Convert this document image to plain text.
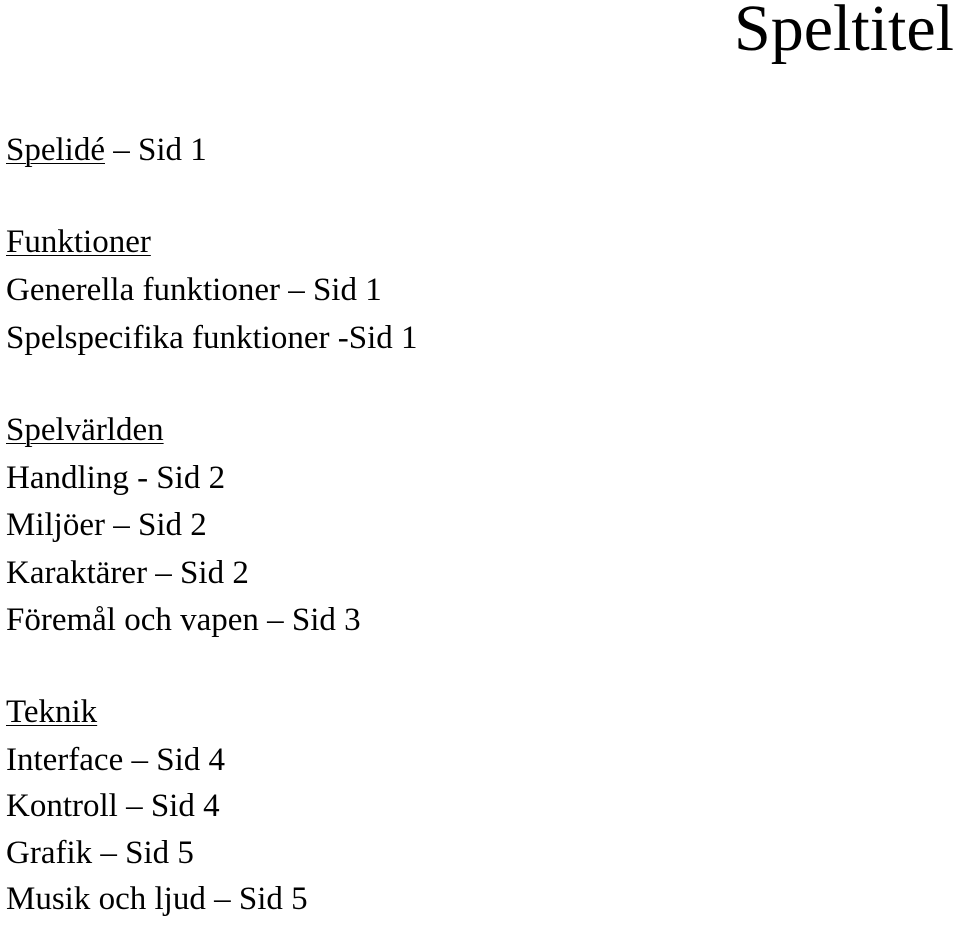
Speltitel
Spelidé – Sid 1
Funktioner
Generella funktioner – Sid 1
Spelspecifika funktioner -Sid 1
Spelvärlden
Handling - Sid 2
Miljöer – Sid 2
Karaktärer – Sid 2
Föremål och vapen – Sid 3
Teknik
Interface – Sid 4
Kontroll – Sid 4
Grafik – Sid 5
Musik och ljud – Sid 5
